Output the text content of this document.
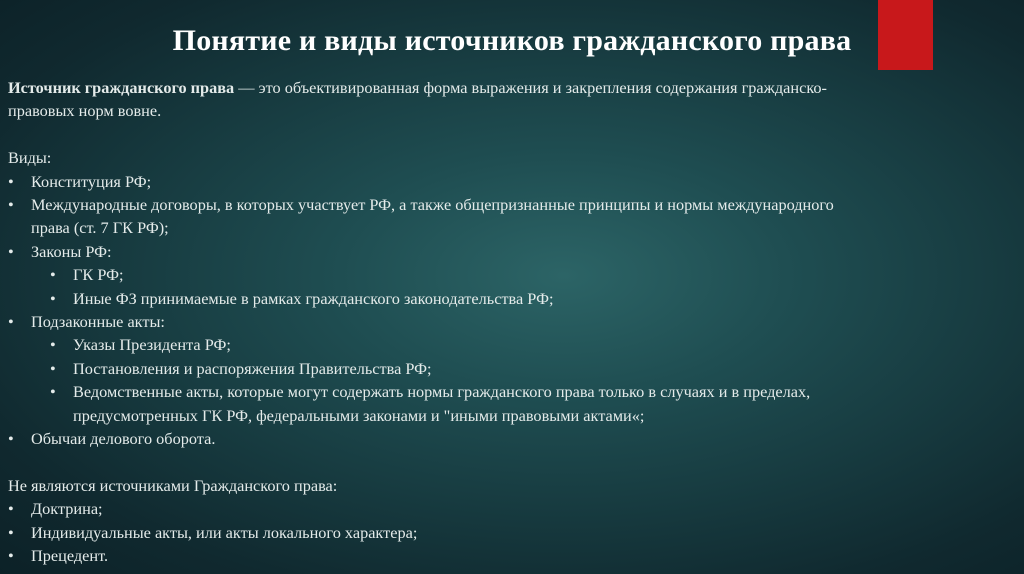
Понятие и виды источников гражданского права
Источник гражданского права — это объективированная форма выражения и закрепления содержания гражданско-
правовых норм вовне.
Виды:
• Конституция РФ;
• Международные договоры, в которых участвует РФ, а также общепризнанные принципы и нормы международного
права (ст. 7 ГК РФ);
• Законы РФ:
• ГК РФ;
• Иные ФЗ принимаемые в рамках гражданского законодательства РФ;
• Подзаконные акты:
• Указы Президента РФ;
• Постановления и распоряжения Правительства РФ;
• Ведомственные акты, которые могут содержать нормы гражданского права только в случаях и в пределах,
предусмотренных ГК РФ, федеральными законами и "иными правовыми актами«;
• Обычаи делового оборота.
Не являются источниками Гражданского права:
• Доктрина;
• Индивидуальные акты, или акты локального характера;
• Прецедент.
